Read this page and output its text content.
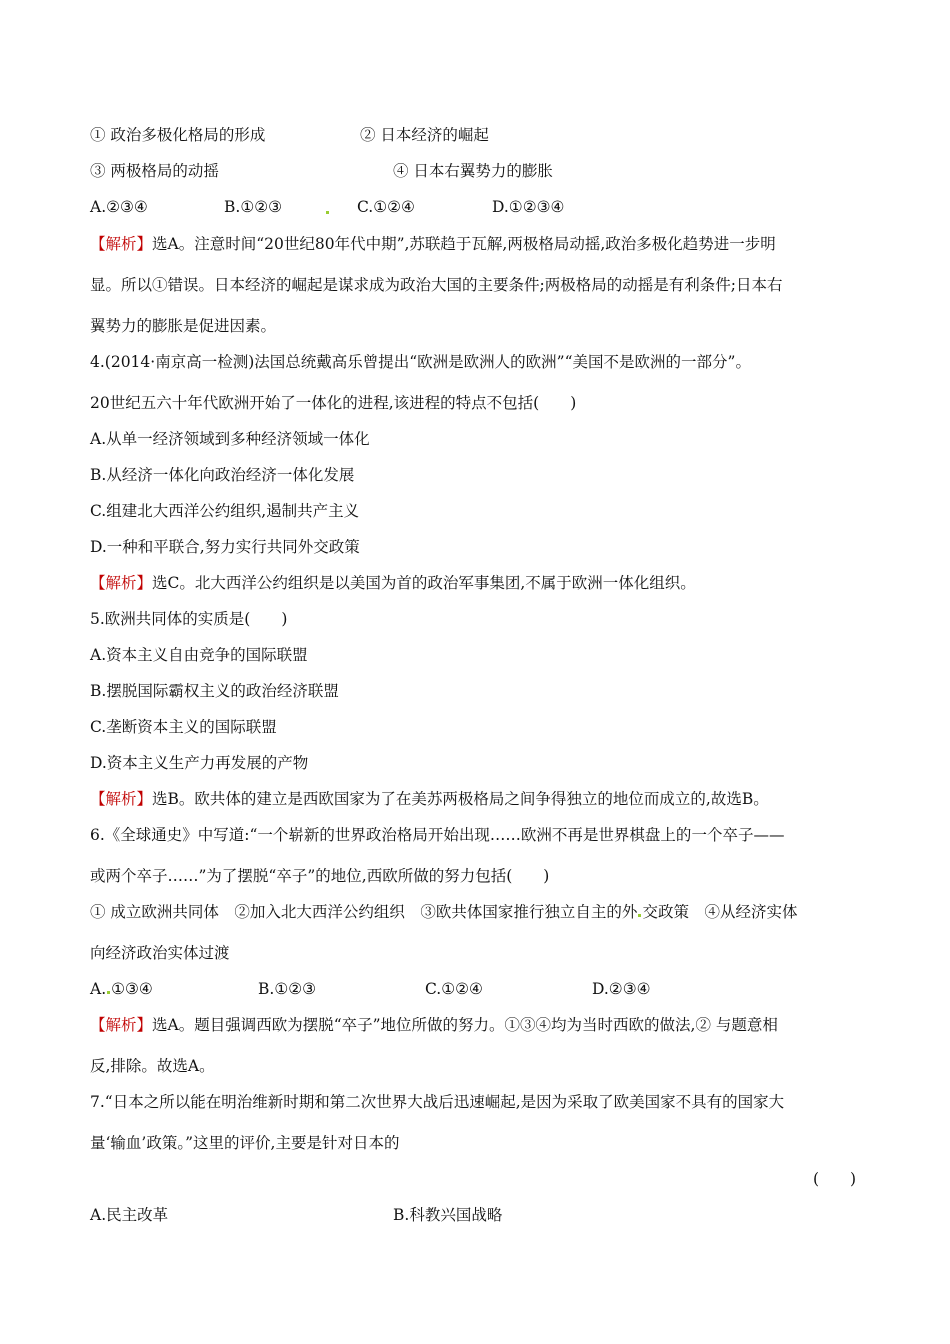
① 政治多极化格局的形成	② 日本经济的崛起
③ 两极格局的动摇	④ 日本右翼势力的膨胀
A.②③④	B.①②③	C.①②④	D.①②③④
【解析】选A。注意时间“20世纪80年代中期”,苏联趋于瓦解,两极格局动摇,政治多极化趋势进一步明
显。所以①错误。日本经济的崛起是谋求成为政治大国的主要条件;两极格局的动摇是有利条件;日本右
翼势力的膨胀是促进因素。
4.(2014·南京高一检测)法国总统戴高乐曾提出“欧洲是欧洲人的欧洲”“美国不是欧洲的一部分”。
20世纪五六十年代欧洲开始了一体化的进程,该进程的特点不包括(　　)
A.从单一经济领域到多种经济领域一体化
B.从经济一体化向政治经济一体化发展
C.组建北大西洋公约组织,遏制共产主义
D.一种和平联合,努力实行共同外交政策
【解析】选C。北大西洋公约组织是以美国为首的政治军事集团,不属于欧洲一体化组织。
5.欧洲共同体的实质是(　　)
A.资本主义自由竞争的国际联盟
B.摆脱国际霸权主义的政治经济联盟
C.垄断资本主义的国际联盟
D.资本主义生产力再发展的产物
【解析】选B。欧共体的建立是西欧国家为了在美苏两极格局之间争得独立的地位而成立的,故选B。
6.《全球通史》中写道:“一个崭新的世界政治格局开始出现……欧洲不再是世界棋盘上的一个卒子——
或两个卒子……”为了摆脱“卒子”的地位,西欧所做的努力包括(　　)
① 成立欧洲共同体　②加入北大西洋公约组织　③欧共体国家推行独立自主的外 交政策　④从经济实体
向经济政治实体过渡
A. ①③④	B.①②③	C.①②④	D.②③④
【解析】选A。题目强调西欧为摆脱“卒子”地位所做的努力。①③④均为当时西欧的做法,② 与题意相
反,排除。故选A。
7.“日本之所以能在明治维新时期和第二次世界大战后迅速崛起,是因为采取了欧美国家不具有的国家大
量‘输血’政策。”这里的评价,主要是针对日本的
(　　)
A.民主改革	B.科教兴国战略
